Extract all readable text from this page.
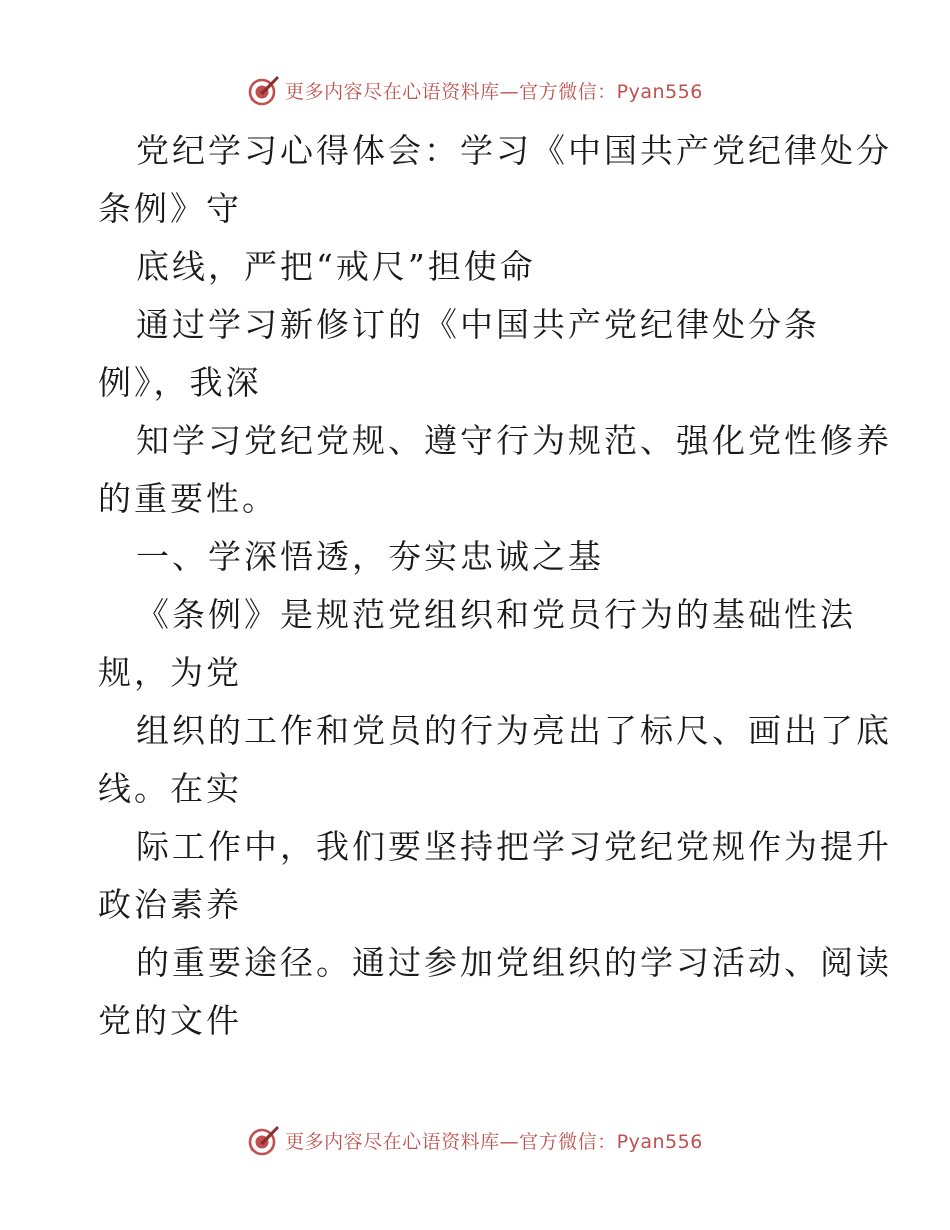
更多内容尽在心语资料库—官方微信：Pyan556

党纪学习心得体会：学习《中国共产党纪律处分

条例》守

底线，严把“戒尺”担使命

通过学习新修订的《中国共产党纪律处分条

例》，我深

知学习党纪党规、遵守行为规范、强化党性修养

的重要性。

一、学深悟透，夯实忠诚之基

《条例》是规范党组织和党员行为的基础性法

规，为党

组织的工作和党员的行为亮出了标尺、画出了底

线。在实

际工作中，我们要坚持把学习党纪党规作为提升

政治素养

的重要途径。通过参加党组织的学习活动、阅读

党的文件

更多内容尽在心语资料库—官方微信：Pyan556
